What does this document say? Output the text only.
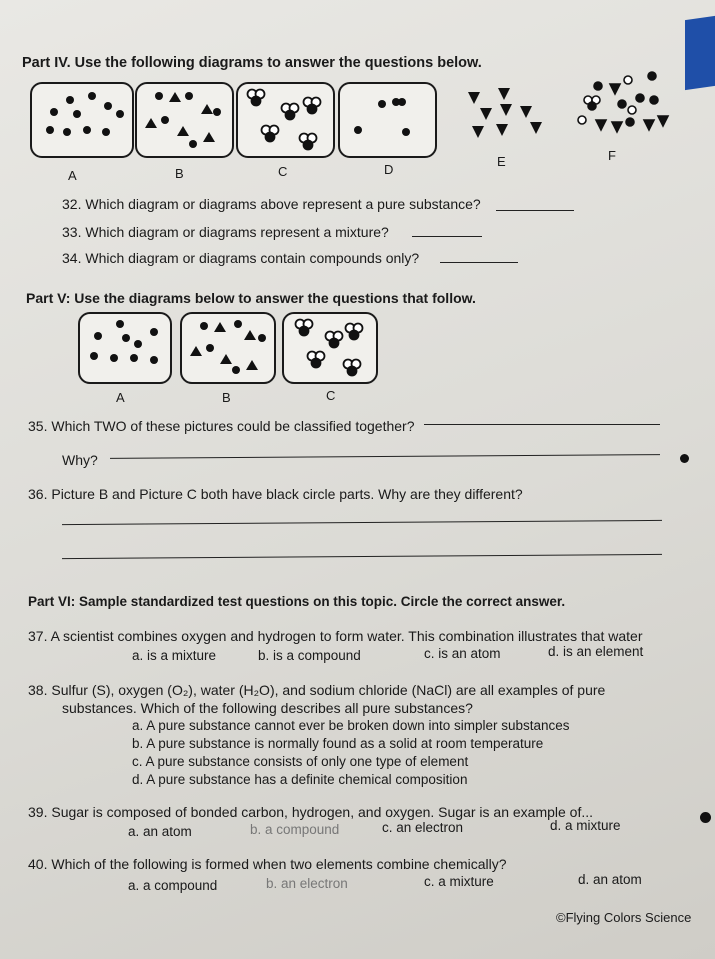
Part IV. Use the following diagrams to answer the questions below.
A	B	C	D
E	F
32. Which diagram or diagrams above represent a pure substance?
33. Which diagram or diagrams represent a mixture?
34. Which diagram or diagrams contain compounds only?
Part V: Use the diagrams below to answer the questions that follow.
A	B	C
35. Which TWO of these pictures could be classified together?
Why?
36. Picture B and Picture C both have black circle parts. Why are they different?
Part VI: Sample standardized test questions on this topic. Circle the correct answer.
37. A scientist combines oxygen and hydrogen to form water. This combination illustrates that water
a. is a mixture	b. is a compound	c. is an atom	d. is an element
38. Sulfur (S), oxygen (O₂), water (H₂O), and sodium chloride (NaCl) are all examples of pure
substances. Which of the following describes all pure substances?
a. A pure substance cannot ever be broken down into simpler substances
b. A pure substance is normally found as a solid at room temperature
c. A pure substance consists of only one type of element
d. A pure substance has a definite chemical composition
39. Sugar is composed of bonded carbon, hydrogen, and oxygen. Sugar is an example of...
a. an atom	b. a compound	c. an electron	d. a mixture
40. Which of the following is formed when two elements combine chemically?
a. a compound	b. an electron	c. a mixture	d. an atom
©Flying Colors Science
